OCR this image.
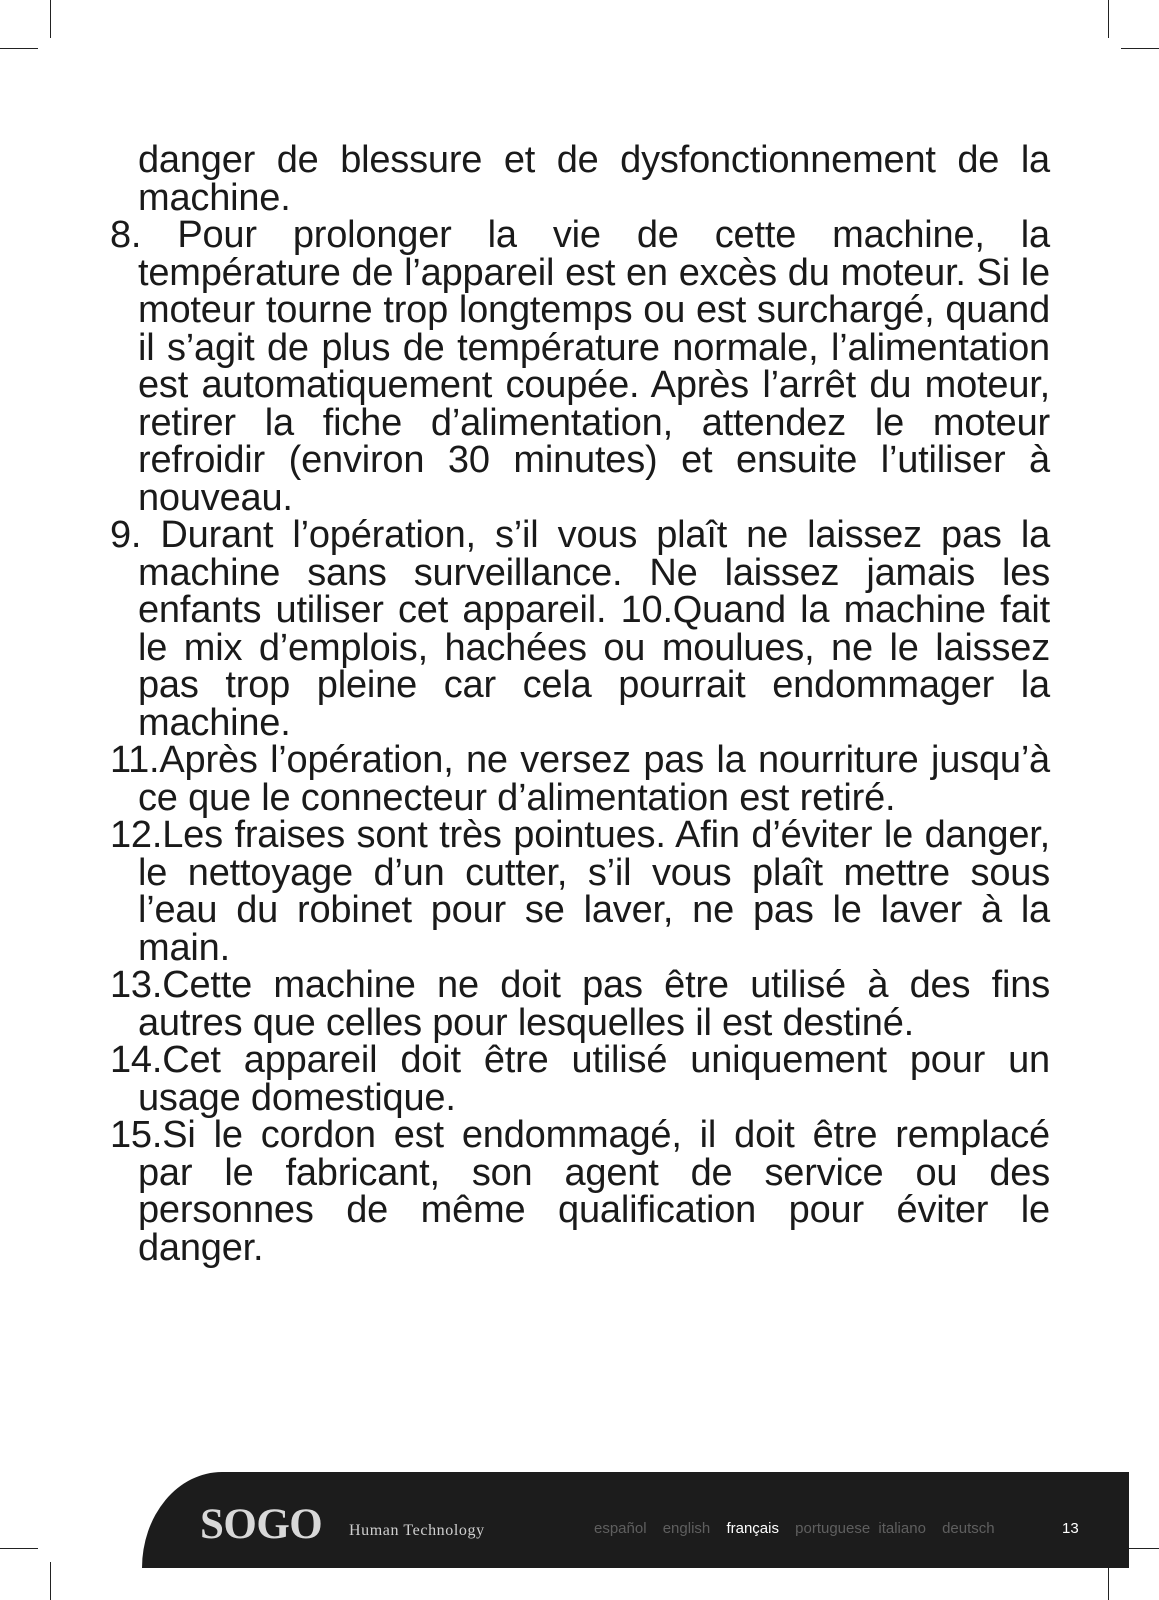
danger de blessure et de dysfonctionnement de la machine.

8. Pour prolonger la vie de cette machine, la température de l’appareil est en excès du moteur. Si le moteur tourne trop longtemps ou est surchargé, quand il s’agit de plus de température normale, l’alimentation est automatiquement coupée. Après l’arrêt du moteur, retirer la fiche d’alimentation, attendez le moteur refroidir (environ 30 minutes) et ensuite l’utiliser à nouveau.

9. Durant l’opération, s’il vous plaît ne laissez pas la machine sans surveillance. Ne laissez jamais les enfants utiliser cet appareil. 10.Quand la machine fait le mix d’emplois, hachées ou moulues, ne le laissez pas trop pleine car cela pourrait endommager la machine.

11.Après l’opération, ne versez pas la nourriture jusqu’à ce que le connecteur d’alimentation est retiré.

12.Les fraises sont très pointues. Afin d’éviter le danger, le nettoyage d’un cutter, s’il vous plaît mettre sous l’eau du robinet pour se laver, ne pas le laver à la main.

13.Cette machine ne doit pas être utilisé à des fins autres que celles pour lesquelles il est destiné.

14.Cet appareil doit être utilisé uniquement pour un usage domestique.

15.Si le cordon est endommagé, il doit être remplacé par le fabricant, son agent de service ou des personnes de même qualification pour éviter le danger.

SOGO Human Technology	español english français portuguese italiano deutsch	13
